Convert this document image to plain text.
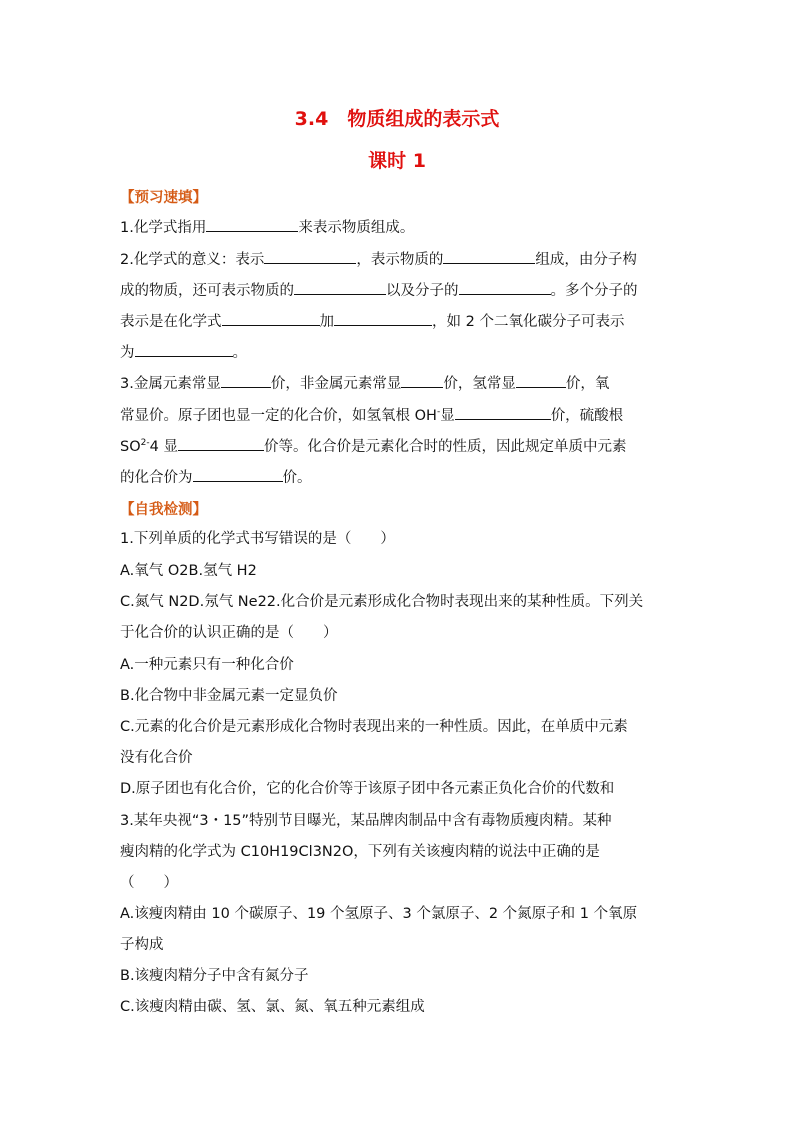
3.4　物质组成的表示式
课时 1
【预习速填】
1.化学式指用	来表示物质组成。
2.化学式的意义：表示	，表示物质的	组成，由分子构
成的物质，还可表示物质的	以及分子的	。多个分子的
表示是在化学式	加	，如 2 个二氧化碳分子可表示
为	。
3.金属元素常显	价，非金属元素常显	价，氢常显	价，氧
常显价。原子团也显一定的化合价，如氢氧根 OH-显	价，硫酸根
$SO^{2-}4$ 显	价等。化合价是元素化合时的性质，因此规定单质中元素
的化合价为	价。
【自我检测】
1.下列单质的化学式书写错误的是（　　）
A.氧气 O2B.氢气 H2
C.氮气 N2D.氖气 Ne22.化合价是元素形成化合物时表现出来的某种性质。下列关
于化合价的认识正确的是（　　）
A.一种元素只有一种化合价
B.化合物中非金属元素一定显负价
C.元素的化合价是元素形成化合物时表现出来的一种性质。因此，在单质中元素
没有化合价
D.原子团也有化合价，它的化合价等于该原子团中各元素正负化合价的代数和
3.某年央视“3・15”特别节目曝光，某品牌肉制品中含有毒物质瘦肉精。某种
瘦肉精的化学式为 C10H19Cl3N2O，下列有关该瘦肉精的说法中正确的是
（　　）
A.该瘦肉精由 10 个碳原子、19 个氢原子、3 个氯原子、2 个氮原子和 1 个氧原
子构成
B.该瘦肉精分子中含有氮分子
C.该瘦肉精由碳、氢、氯、氮、氧五种元素组成
